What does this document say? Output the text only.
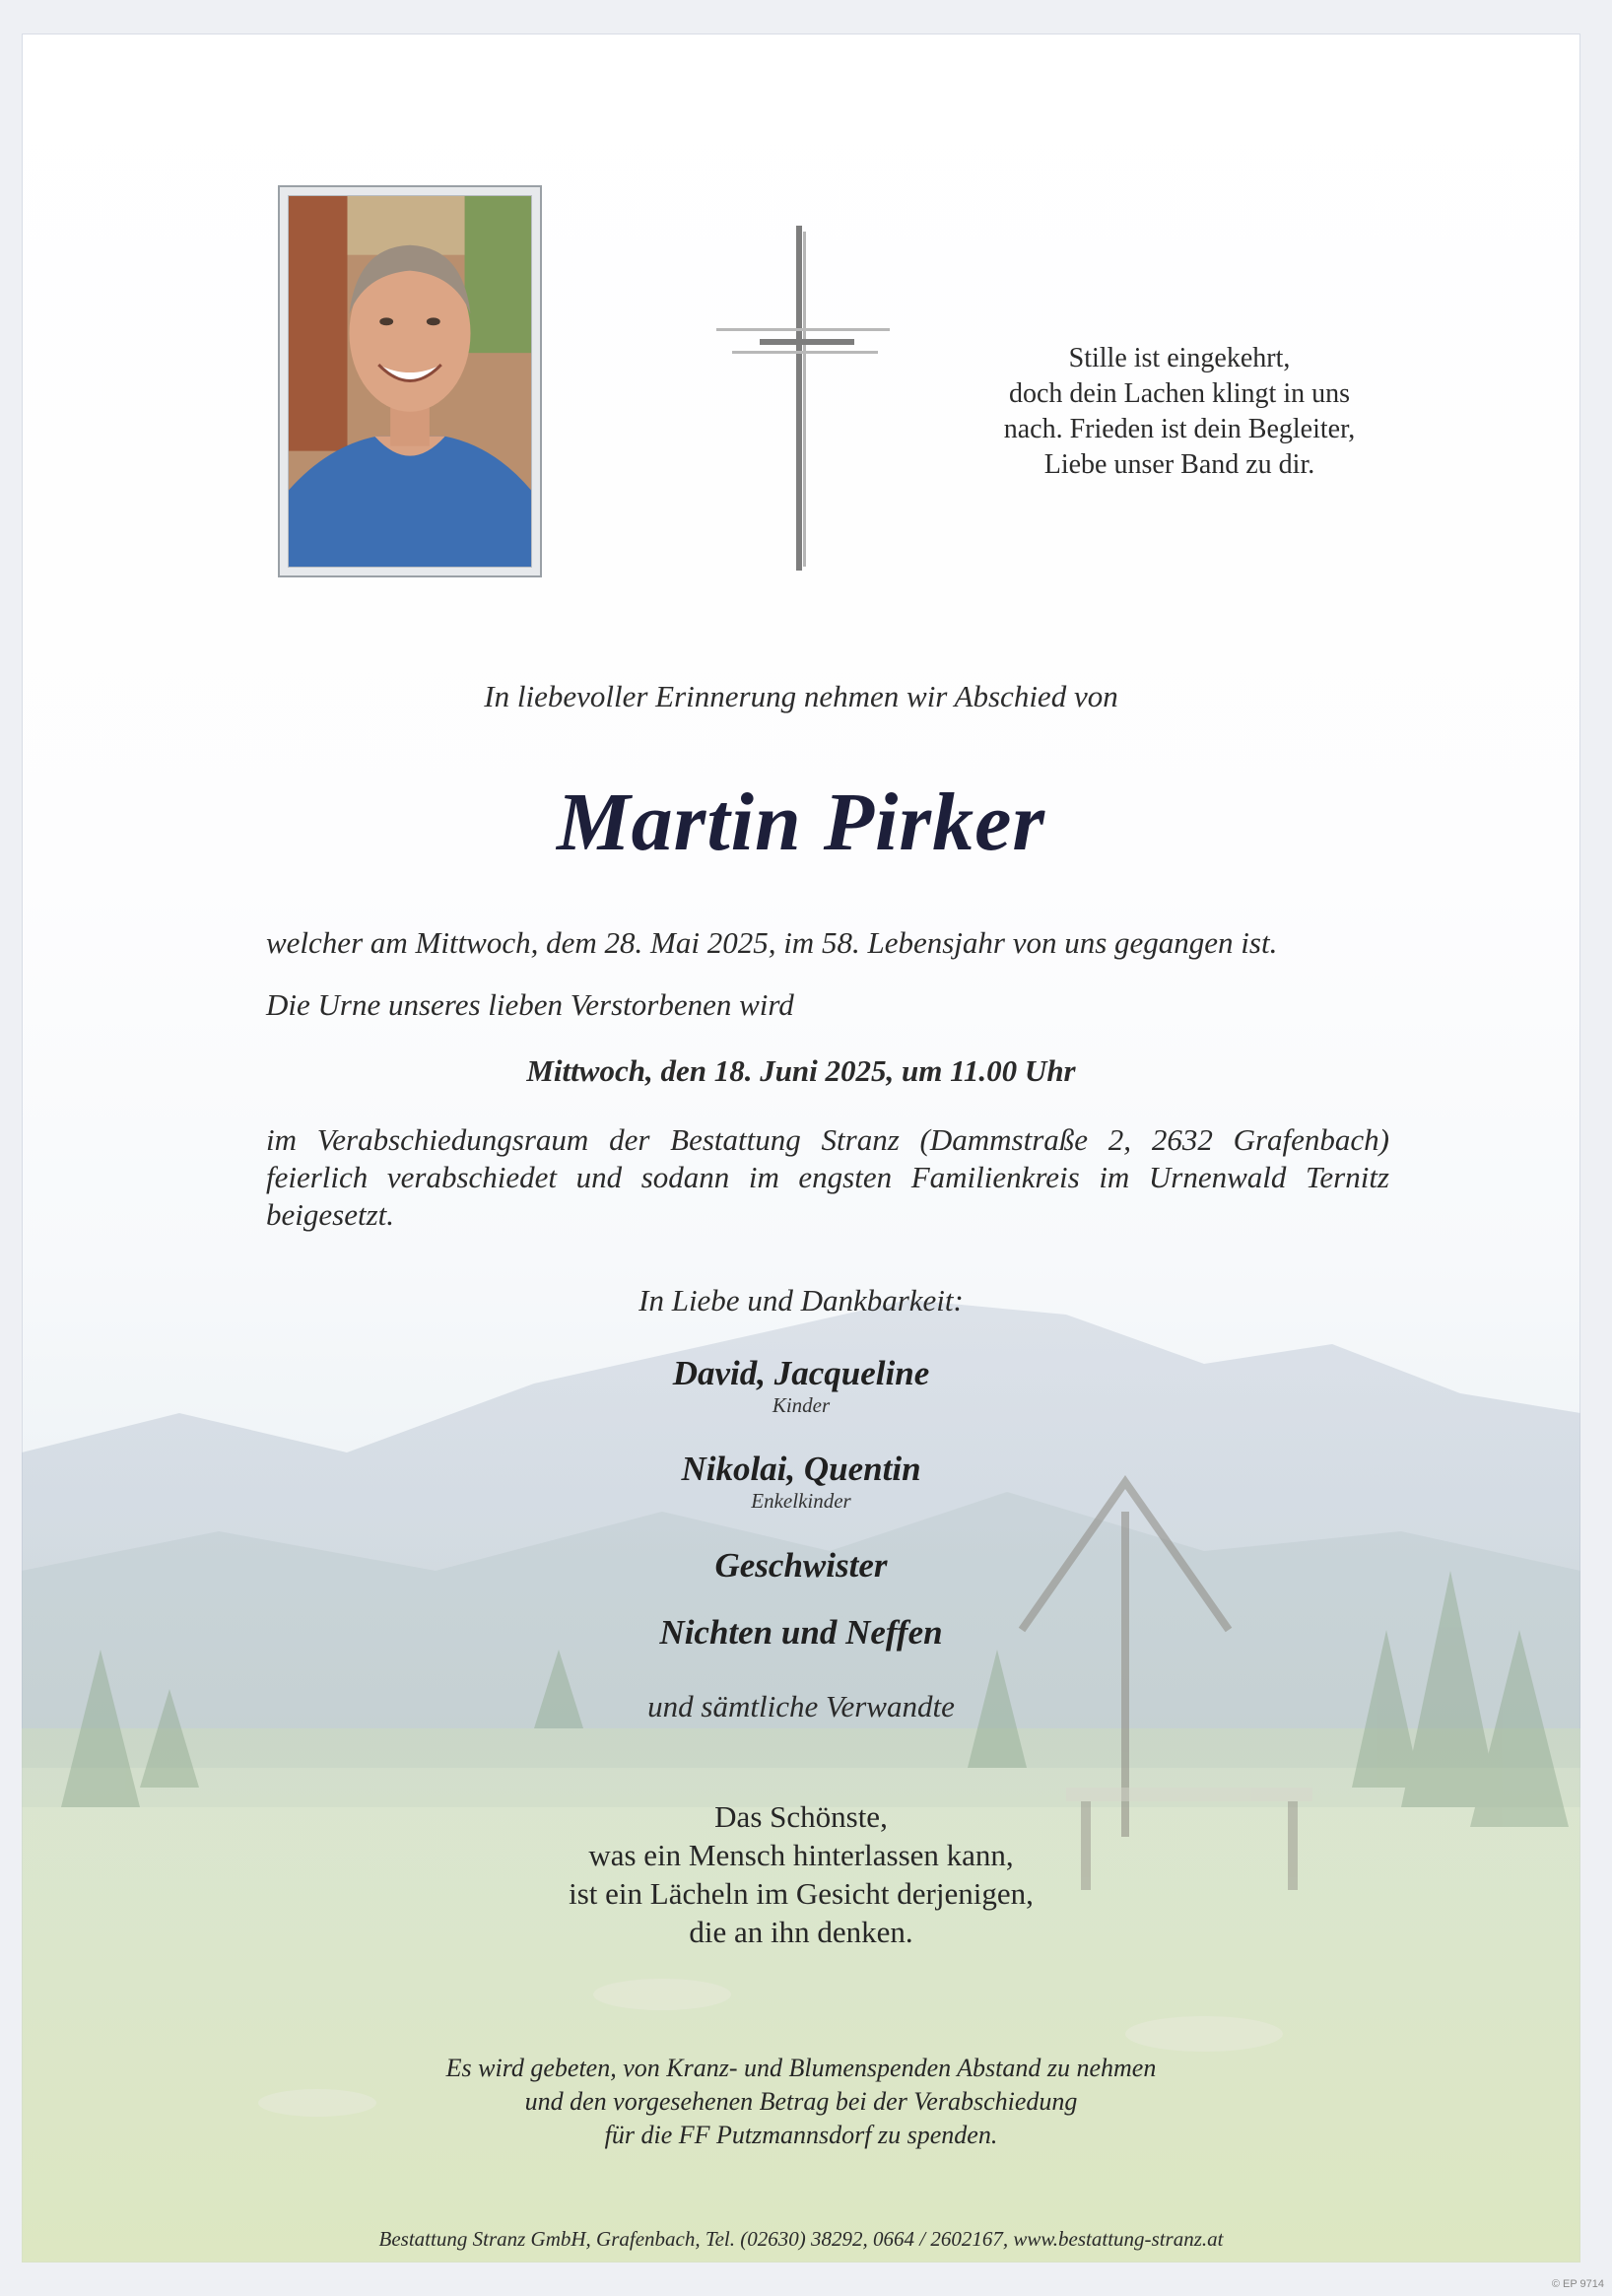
Stille ist eingekehrt,
doch dein Lachen klingt in uns
nach. Frieden ist dein Begleiter,
Liebe unser Band zu dir.
In liebevoller Erinnerung nehmen wir Abschied von
Martin Pirker
welcher am Mittwoch, dem 28. Mai 2025, im 58. Lebensjahr von uns gegangen ist.
Die Urne unseres lieben Verstorbenen wird
Mittwoch, den 18. Juni 2025, um 11.00 Uhr
im Verabschiedungsraum der Bestattung Stranz (Dammstraße 2, 2632 Grafenbach) feierlich verabschiedet und sodann im engsten Familienkreis im Urnenwald Ternitz beigesetzt.
In Liebe und Dankbarkeit:
David, Jacqueline
Kinder
Nikolai, Quentin
Enkelkinder
Geschwister
Nichten und Neffen
und sämtliche Verwandte
Das Schönste,
was ein Mensch hinterlassen kann,
ist ein Lächeln im Gesicht derjenigen,
die an ihn denken.
Es wird gebeten, von Kranz- und Blumenspenden Abstand zu nehmen
und den vorgesehenen Betrag bei der Verabschiedung
für die FF Putzmannsdorf zu spenden.
Bestattung Stranz GmbH, Grafenbach, Tel. (02630) 38292, 0664 / 2602167, www.bestattung-stranz.at
© EP 9714
